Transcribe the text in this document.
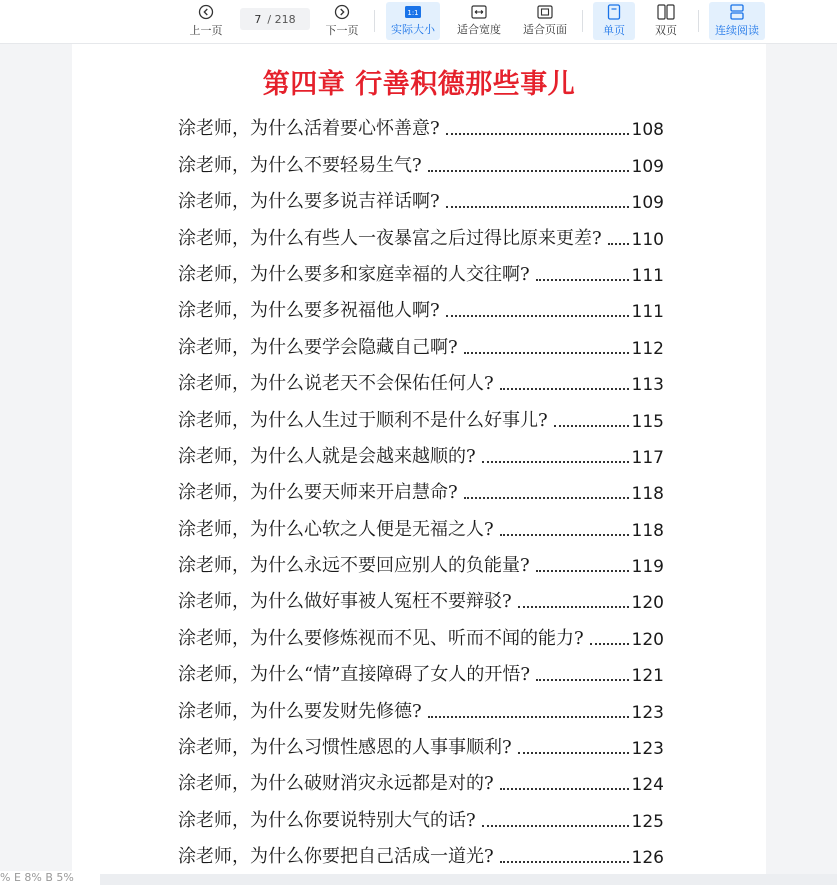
上一页
7 / 218
下一页
1:1
实际大小 适合宽度 适合页面	单页	双页	连续阅读
第四章 行善积德那些事儿
涂老师，为什么活着要心怀善意?	108
涂老师，为什么不要轻易生气?	109
涂老师，为什么要多说吉祥话啊?	109
涂老师，为什么有些人一夜暴富之后过得比原来更差? 110
涂老师，为什么要多和家庭幸福的人交往啊?	111
涂老师，为什么要多祝福他人啊?	111
涂老师，为什么要学会隐藏自己啊?	112
涂老师，为什么说老天不会保佑任何人?	113
涂老师，为什么人生过于顺利不是什么好事儿?	115
涂老师，为什么人就是会越来越顺的?	117
涂老师，为什么要天师来开启慧命?	118
涂老师，为什么心软之人便是无福之人?	118
涂老师，为什么永远不要回应别人的负能量?	119
涂老师，为什么做好事被人冤枉不要辩驳?	120
涂老师，为什么要修炼视而不见、听而不闻的能力?	120
涂老师，为什么“情”直接障碍了女人的开悟?	121
涂老师，为什么要发财先修德?	123
涂老师，为什么习惯性感恩的人事事顺利?	123
涂老师，为什么破财消灾永远都是对的?	124
涂老师，为什么你要说特别大气的话?	125
涂老师，为什么你要把自己活成一道光?	126
% E 8% B 5%
